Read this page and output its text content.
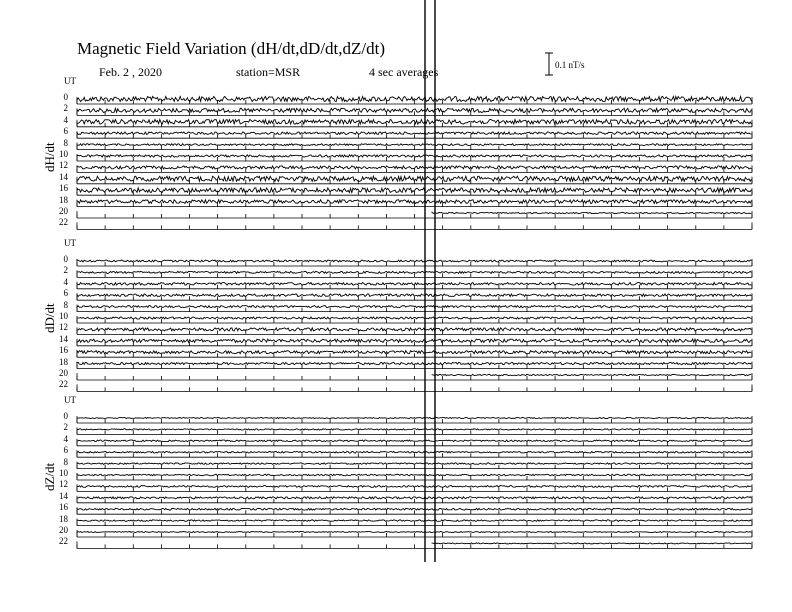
Magnetic Field Variation (dH/dt,dD/dt,dZ/dt)
Feb. 2 , 2020	station=MSR	4 sec averages	0.1 nT/s
UT
dH/dt
0
2
4
6
8
10
12
14
16
18
20
22
UT
dD/dt
0
2
4
6
8
10
12
14
16
18
20
22
UT
dZ/dt
0
2
4
6
8
10
12
14
16
18
20
22
